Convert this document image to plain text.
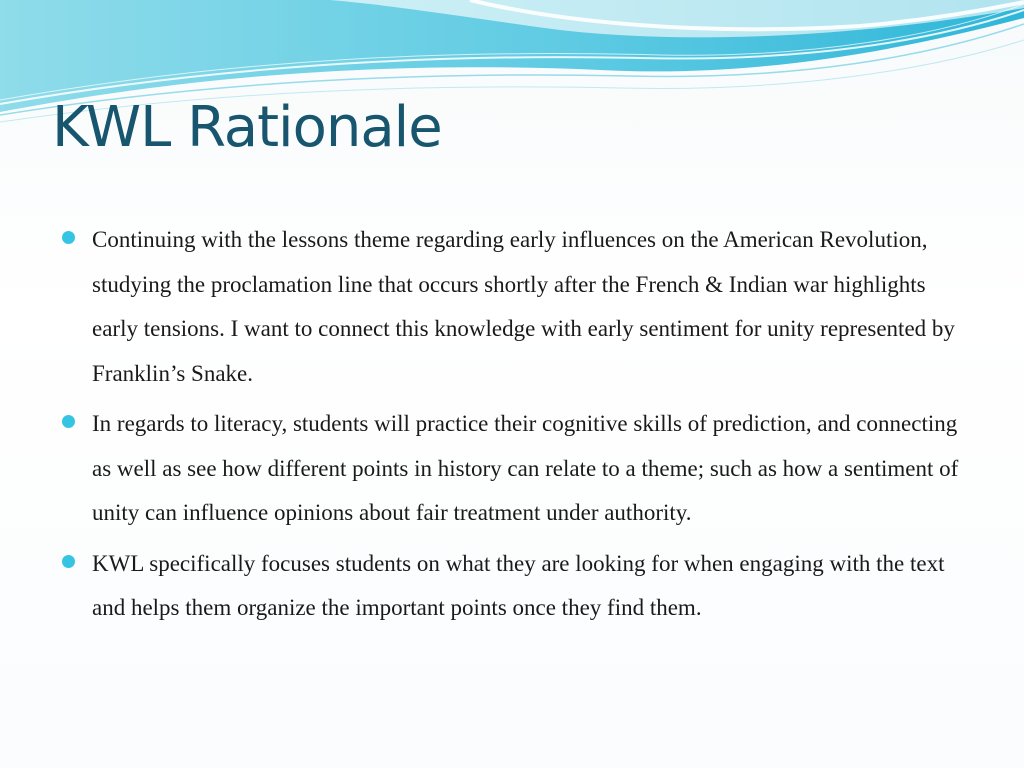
KWL Rationale
Continuing with the lessons theme regarding early influences on the American Revolution, studying the proclamation line that occurs shortly after the French & Indian war highlights early tensions. I want to connect this knowledge with early sentiment for unity represented by Franklin’s Snake.
In regards to literacy, students will practice their cognitive skills of prediction, and connecting as well as see how different points in history can relate to a theme; such as how a sentiment of unity can influence opinions about fair treatment under authority.
KWL specifically focuses students on what they are looking for when engaging with the text and helps them organize the important points once they find them.
